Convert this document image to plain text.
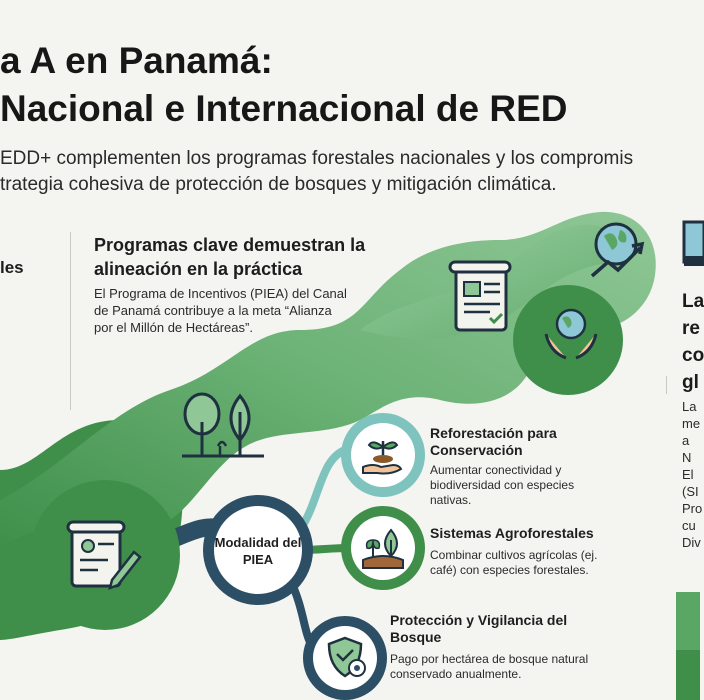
a A en Panamá:
Nacional e Internacional de RED
EDD+ complementen los programas forestales nacionales y los compromis
trategia cohesiva de protección de bosques y mitigación climática.
les
Programas clave demuestran la alineación en la práctica
El Programa de Incentivos (PIEA) del Canal de Panamá contribuye a la meta “Alianza por el Millón de Hectáreas”.
Modalidad del PIEA
Reforestación para Conservación
Aumentar conectividad y biodiversidad con especies nativas.
Sistemas Agroforestales
Combinar cultivos agrícolas (ej. café) con especies forestales.
Protección y Vigilancia del Bosque
Pago por hectárea de bosque natural conservado anualmente.
La
re
co
gl
La
me
a N
El
(SI
Pro
cu
Div
